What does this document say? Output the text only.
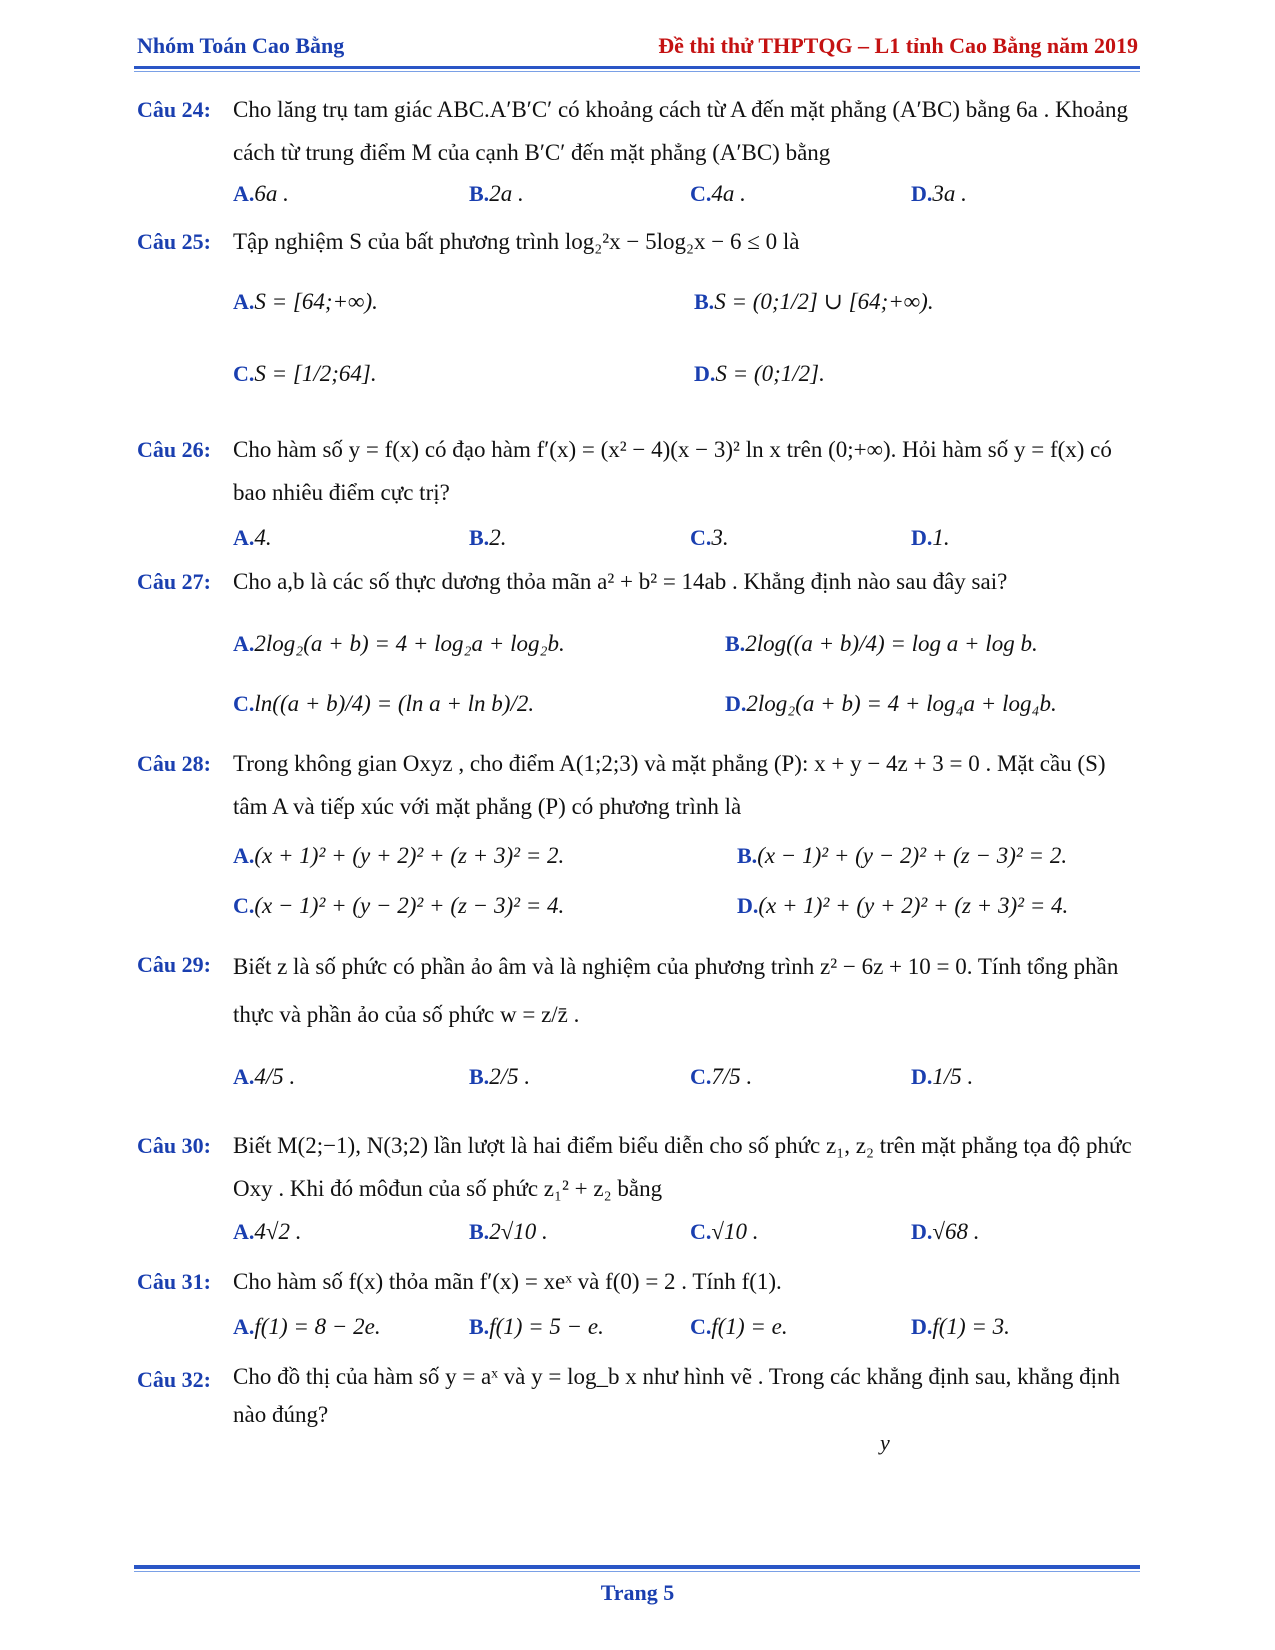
Nhóm Toán Cao Bằng	Đề thi thử THPTQG – L1 tỉnh Cao Bằng năm 2019
Câu 24: Cho lăng trụ tam giác ABC.A′B′C′ có khoảng cách từ A đến mặt phẳng (A′BC) bằng 6a . Khoảng cách từ trung điểm M của cạnh B′C′ đến mặt phẳng (A′BC) bằng
A.6a .	B.2a .	C.4a .	D.3a .
Câu 25: Tập nghiệm S của bất phương trình log₂²x − 5log₂x − 6 ≤ 0 là
A.S = [64;+∞).	B.S = (0;1/2] ∪ [64;+∞).
C.S = [1/2;64].	D.S = (0;1/2].
Câu 26: Cho hàm số y = f(x) có đạo hàm f′(x) = (x² − 4)(x − 3)² ln x trên (0;+∞). Hỏi hàm số y = f(x) có bao nhiêu điểm cực trị?
A.4.	B.2.	C.3.	D.1.
Câu 27: Cho a,b là các số thực dương thỏa mãn a² + b² = 14ab . Khẳng định nào sau đây sai?
A.2log₂(a + b) = 4 + log₂a + log₂b.	B.2log((a + b)/4) = log a + log b.
C.ln((a + b)/4) = (ln a + ln b)/2.	D.2log₂(a + b) = 4 + log₄a + log₄b.
Câu 28: Trong không gian Oxyz , cho điểm A(1;2;3) và mặt phẳng (P): x + y − 4z + 3 = 0 . Mặt cầu (S) tâm A và tiếp xúc với mặt phẳng (P) có phương trình là
A.(x + 1)² + (y + 2)² + (z + 3)² = 2.	B.(x − 1)² + (y − 2)² + (z − 3)² = 2.
C.(x − 1)² + (y − 2)² + (z − 3)² = 4.	D.(x + 1)² + (y + 2)² + (z + 3)² = 4.
Câu 29: Biết z là số phức có phần ảo âm và là nghiệm của phương trình z² − 6z + 10 = 0. Tính tổng phần thực và phần ảo của số phức w = z/z̄ .
A.4/5 .	B.2/5 .	C.7/5 .	D.1/5 .
Câu 30: Biết M(2;−1), N(3;2) lần lượt là hai điểm biểu diễn cho số phức z₁, z₂ trên mặt phẳng tọa độ phức Oxy . Khi đó môđun của số phức z₁² + z₂ bằng
A.4√2 .	B.2√10 .	C.√10 .	D.√68 .
Câu 31: Cho hàm số f(x) thỏa mãn f′(x) = xeˣ và f(0) = 2 . Tính f(1).
A.f(1) = 8 − 2e.	B.f(1) = 5 − e.	C.f(1) = e.	D.f(1) = 3.
Câu 32: Cho đồ thị của hàm số y = aˣ và y = log_b x như hình vẽ . Trong các khẳng định sau, khẳng định nào đúng?
y
Trang 5
